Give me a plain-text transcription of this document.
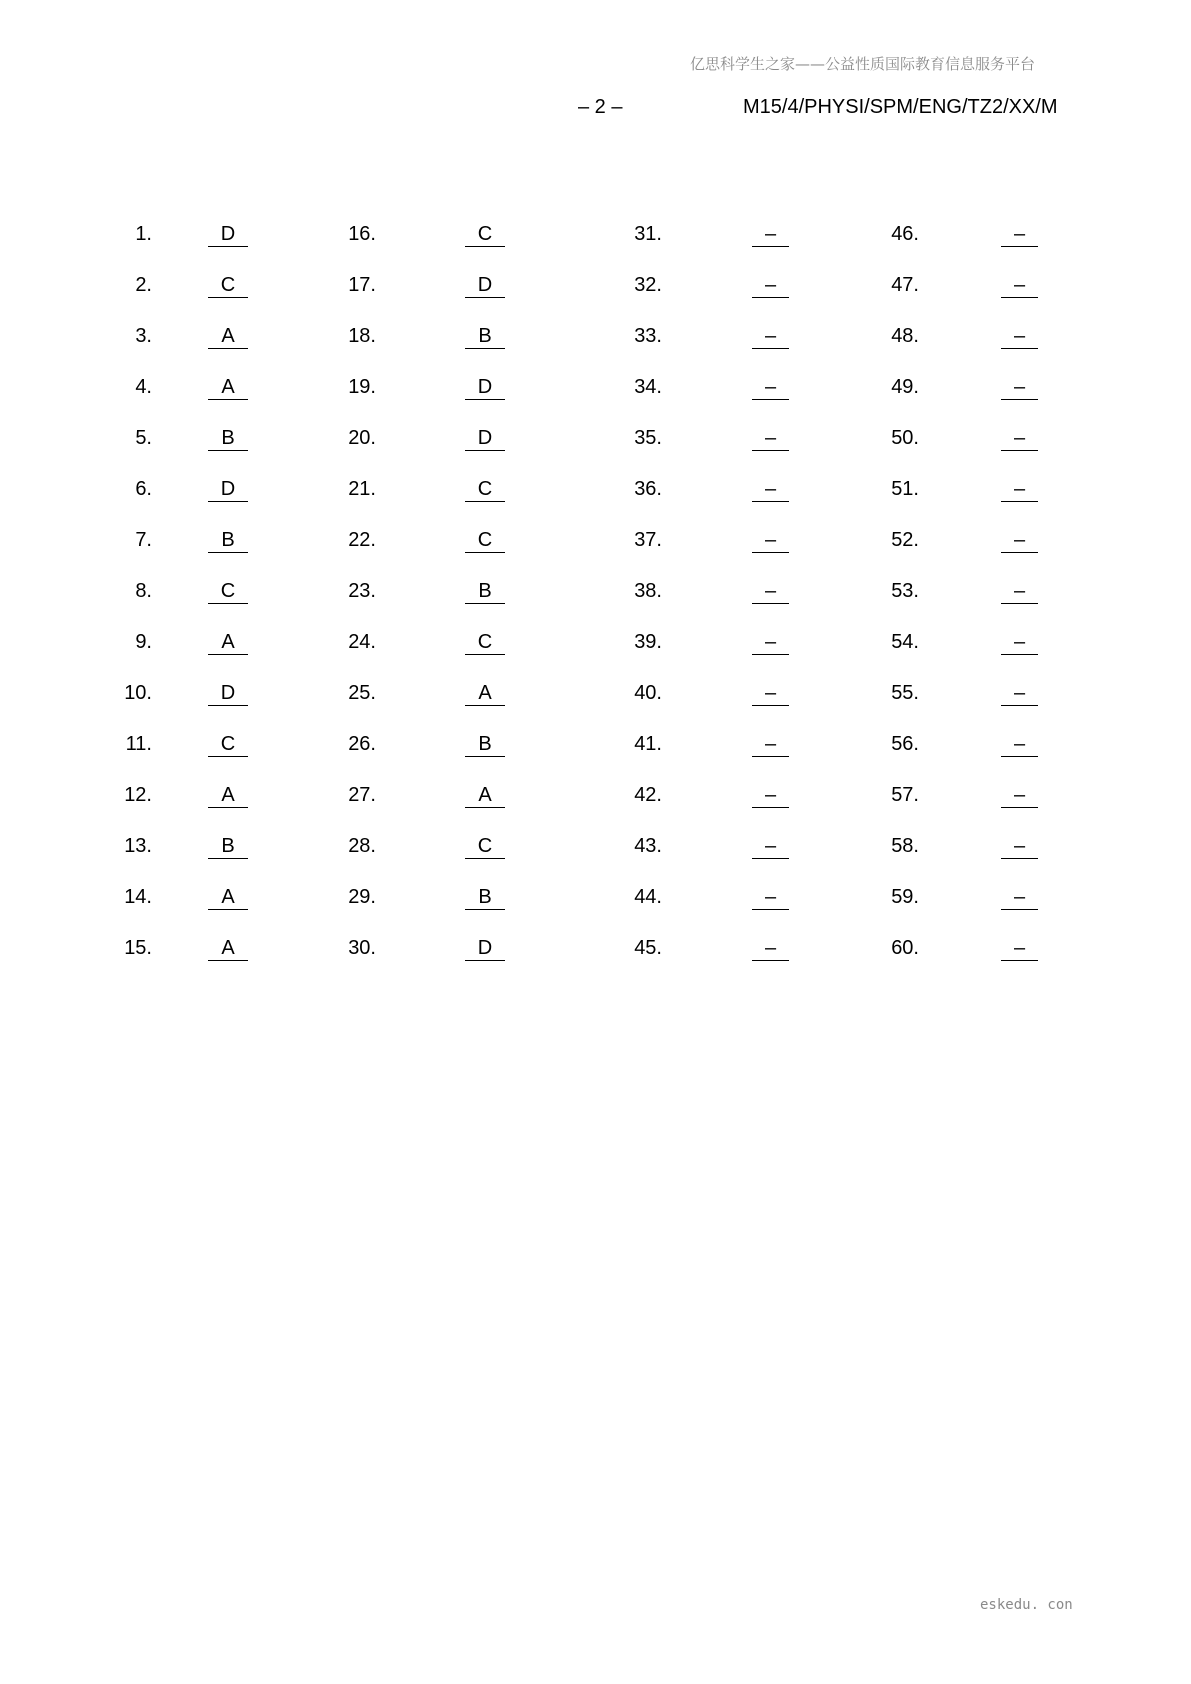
亿思科学生之家——公益性质国际教育信息服务平台
– 2 –	M15/4/PHYSI/SPM/ENG/TZ2/XX/M
1.	D
2.	C
3.	A
4.	A
5.	B
6.	D
7.	B
8.	C
9.	A
10.	D
11.	C
12.	A
13.	B
14.	A
15.	A
16.	C
17.	D
18.	B
19.	D
20.	D
21.	C
22.	C
23.	B
24.	C
25.	A
26.	B
27.	A
28.	C
29.	B
30.	D
31.	–
32.	–
33.	–
34.	–
35.	–
36.	–
37.	–
38.	–
39.	–
40.	–
41.	–
42.	–
43.	–
44.	–
45.	–
46.	–
47.	–
48.	–
49.	–
50.	–
51.	–
52.	–
53.	–
54.	–
55.	–
56.	–
57.	–
58.	–
59.	–
60.	–
eskedu. con
